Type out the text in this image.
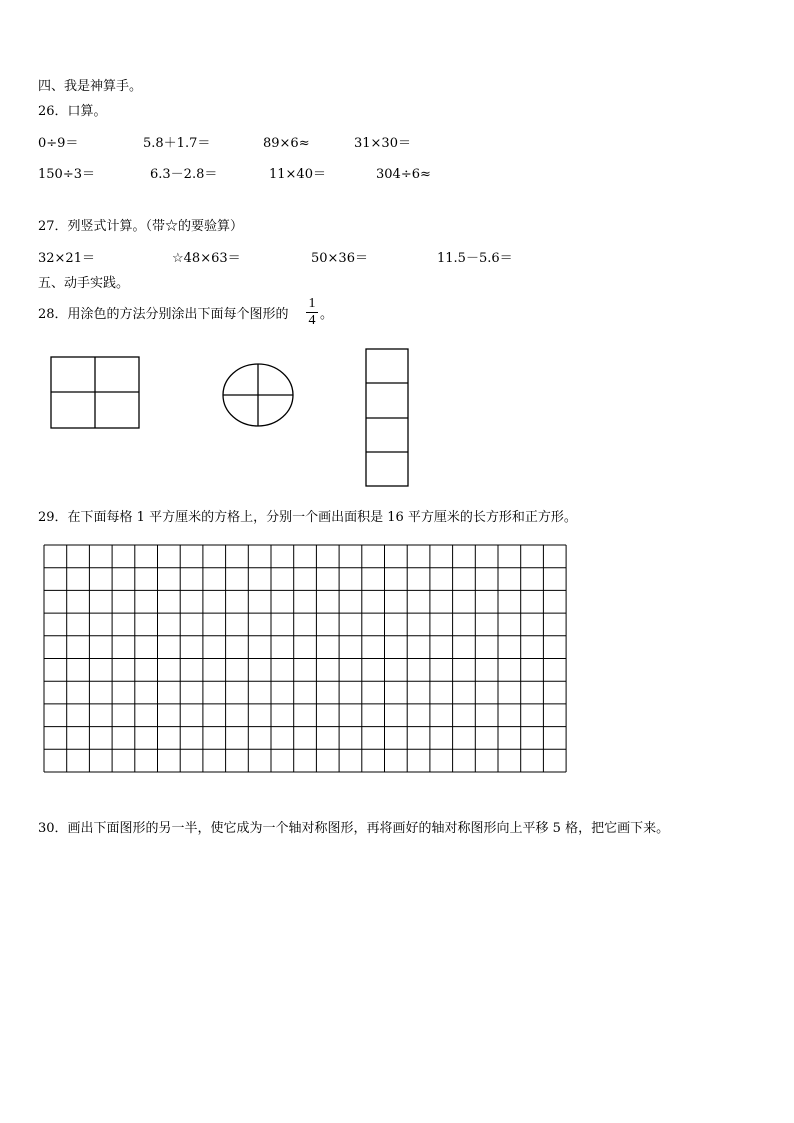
四、我是神算手。
26．口算。
0÷9＝	5.8＋1.7＝	89×6≈	31×30＝
150÷3＝	6.3－2.8＝	11×40＝	304÷6≈
27．列竖式计算。（带☆的要验算）
32×21＝	☆48×63＝	50×36＝	11.5－5.6＝
五、动手实践。
28．用涂色的方法分别涂出下面每个图形的
1
4 。
29．在下面每格 1 平方厘米的方格上，分别一个画出面积是 16 平方厘米的长方形和正方形。
30．画出下面图形的另一半，使它成为一个轴对称图形，再将画好的轴对称图形向上平移 5 格，把它画下来。
